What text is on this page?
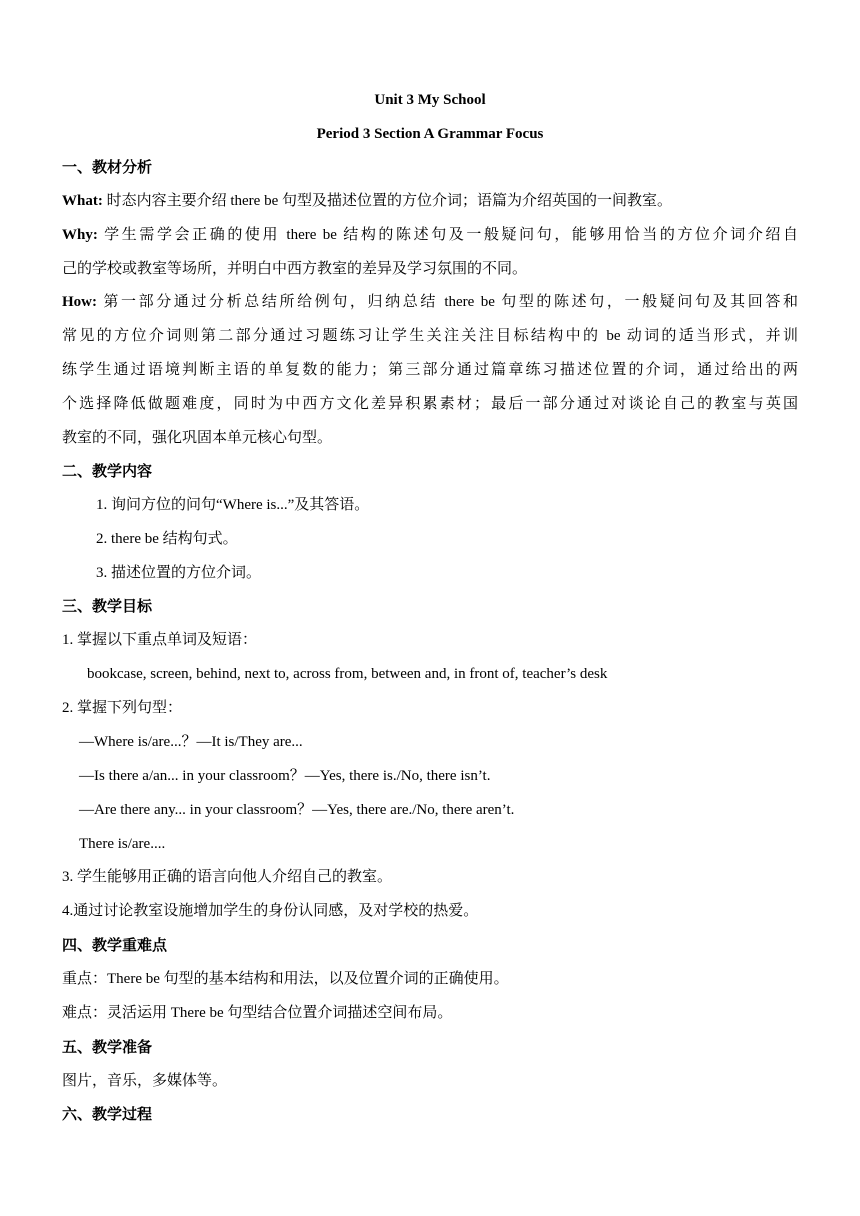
Unit 3 My School
Period 3 Section A Grammar Focus
一、教材分析
What: 时态内容主要介绍 there be 句型及描述位置的方位介词；语篇为介绍英国的一间教室。
Why: 学生需学会正确的使用 there be 结构的陈述句及一般疑问句，能够用恰当的方位介词介绍自
己的学校或教室等场所，并明白中西方教室的差异及学习氛围的不同。
How: 第一部分通过分析总结所给例句，归纳总结 there be 句型的陈述句，一般疑问句及其回答和
常见的方位介词则第二部分通过习题练习让学生关注关注目标结构中的 be 动词的适当形式，并训
练学生通过语境判断主语的单复数的能力；第三部分通过篇章练习描述位置的介词，通过给出的两
个选择降低做题难度，同时为中西方文化差异积累素材；最后一部分通过对谈论自己的教室与英国
教室的不同，强化巩固本单元核心句型。
二、教学内容
1. 询问方位的问句“Where is...”及其答语。
2. there be 结构句式。
3. 描述位置的方位介词。
三、教学目标
1. 掌握以下重点单词及短语：
bookcase, screen, behind, next to, across from, between and, in front of, teacher’s desk
2. 掌握下列句型：
—Where is/are...？—It is/They are...
—Is there a/an... in your classroom？—Yes, there is./No, there isn’t.
—Are there any... in your classroom？—Yes, there are./No, there aren’t.
There is/are....
3. 学生能够用正确的语言向他人介绍自己的教室。
4.通过讨论教室设施增加学生的身份认同感，及对学校的热爱。
四、教学重难点
重点：There be 句型的基本结构和用法，以及位置介词的正确使用。
难点：灵活运用 There be 句型结合位置介词描述空间布局。
五、教学准备
图片，音乐，多媒体等。
六、教学过程
